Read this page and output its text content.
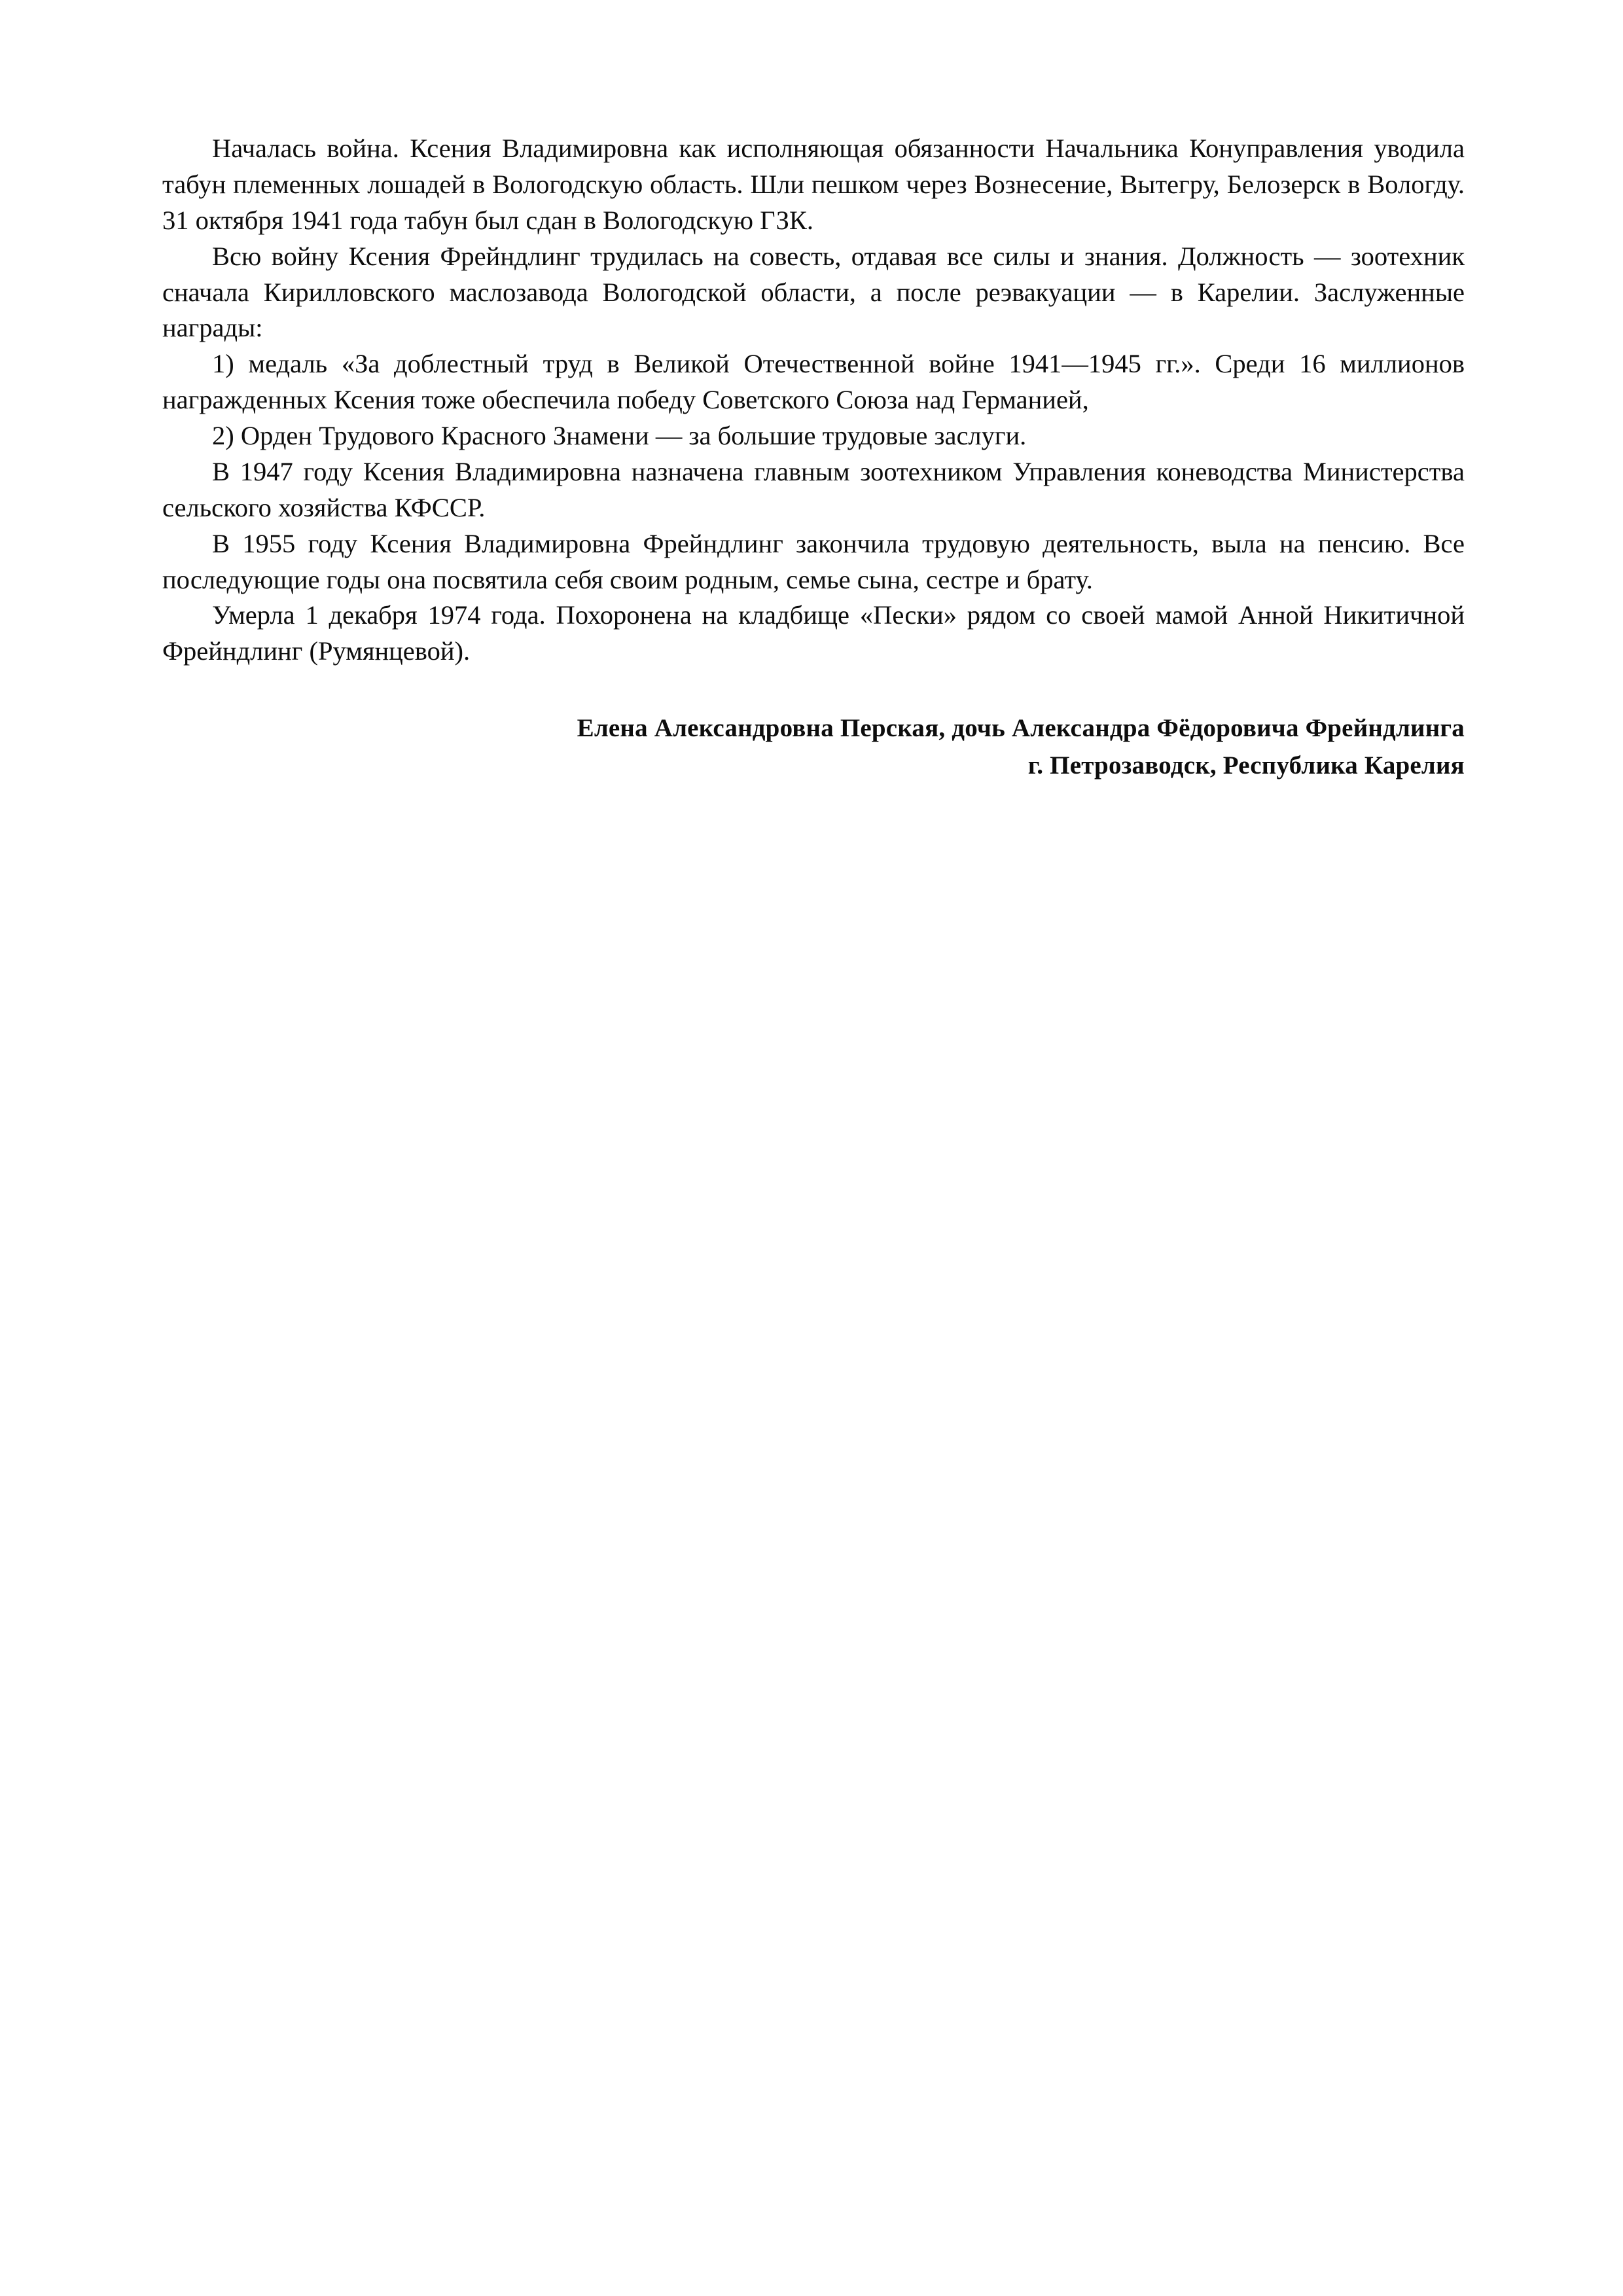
Началась война. Ксения Владимировна как исполняющая обязанности Начальника Конуправления уводила табун племенных лошадей в Вологодскую область. Шли пешком через Вознесение, Вытегру, Белозерск в Вологду. 31 октября 1941 года табун был сдан в Вологодскую ГЗК.

Всю войну Ксения Фрейндлинг трудилась на совесть, отдавая все силы и знания. Должность — зоотехник сначала Кирилловского маслозавода Вологодской области, а после реэвакуации — в Карелии. Заслуженные награды:

1) медаль «За доблестный труд в Великой Отечественной войне 1941—1945 гг.». Среди 16 миллионов награжденных Ксения тоже обеспечила победу Советского Союза над Германией,

2) Орден Трудового Красного Знамени — за большие трудовые заслуги.

В 1947 году Ксения Владимировна назначена главным зоотехником Управления коневодства Министерства сельского хозяйства КФССР.

В 1955 году Ксения Владимировна Фрейндлинг закончила трудовую деятельность, выла на пенсию. Все последующие годы она посвятила себя своим родным, семье сына, сестре и брату.

Умерла 1 декабря 1974 года. Похоронена на кладбище «Пески» рядом со своей мамой Анной Никитичной Фрейндлинг (Румянцевой).

Елена Александровна Перская, дочь Александра Фёдоровича Фрейндлинга
г. Петрозаводск, Республика Карелия
